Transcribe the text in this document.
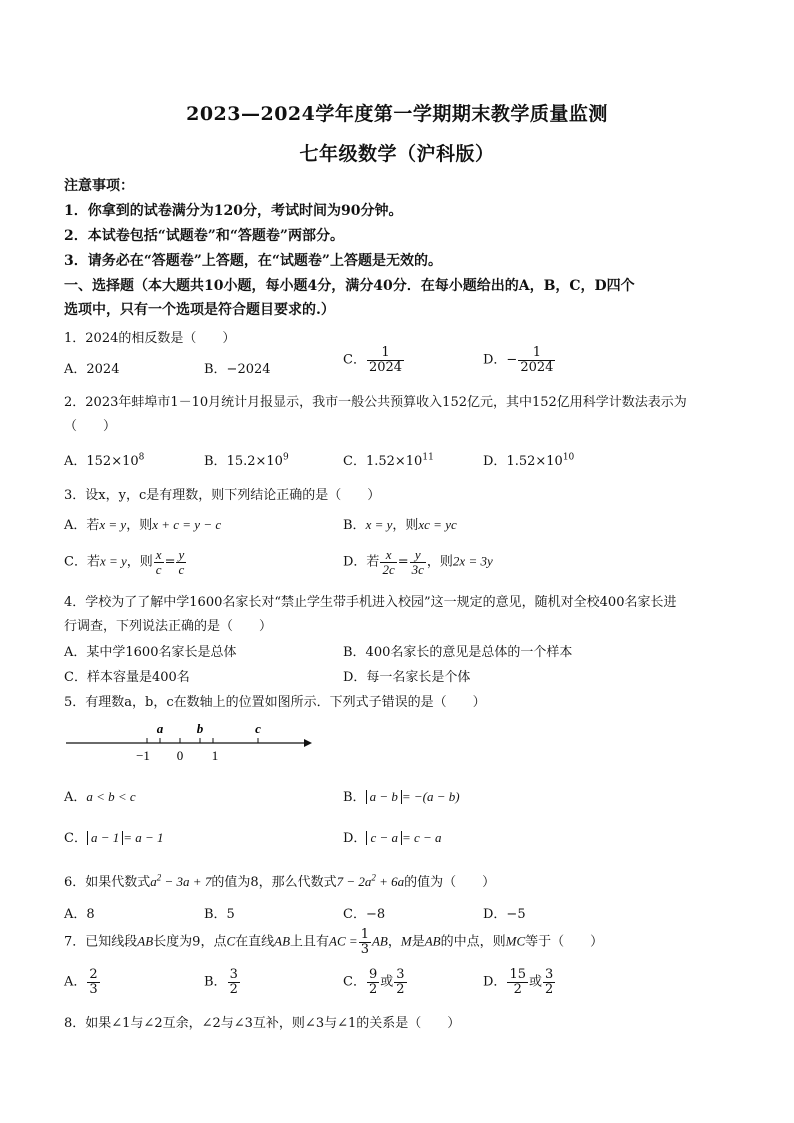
2023—2024学年度第一学期期末教学质量监测
七年级数学（沪科版）
注意事项：
1．你拿到的试卷满分为120分，考试时间为90分钟。
2．本试卷包括“试题卷”和“答题卷”两部分。
3．请务必在“答题卷”上答题，在“试题卷”上答题是无效的。
一、选择题（本大题共10小题，每小题4分，满分40分．在每小题给出的A，B，C，D四个
选项中，只有一个选项是符合题目要求的.）
1．2024的相反数是（　　）
A．2024	B．−2024
C． $\frac{1}{2024}$	D．− $\frac{1}{2024}$
2．2023年蚌埠市1－10月统计月报显示，我市一般公共预算收入152亿元，其中152亿用科学计数法表示为
（　　）
A．$152\times 10^8$	B．$15.2\times 10^9$	C．$1.52\times 10^{11}$	D．$1.52\times 10^{10}$
3．设x，y，c是有理数，则下列结论正确的是（　　）
A．若x = y，则x + c = y − c	B．x = y，则xc = yc
C．若x = y，则 $\frac{x}{c} = \frac{y}{c}$	D．若 $\frac{x}{2c} = \frac{y}{3c}$ ，则2x = 3y
4．学校为了了解中学1600名家长对“禁止学生带手机进入校园”这一规定的意见，随机对全校400名家长进
行调查，下列说法正确的是（　　）
A．某中学1600名家长是总体	B．400名家长的意见是总体的一个样本
C．样本容量是400名	D．每一名家长是个体
5．有理数a，b，c在数轴上的位置如图所示．下列式子错误的是（　　）
a	b	c
−1 0 1
A．a < b < c	B． a − b = −(a − b)
C． a − 1 = a − 1	D． c − a = c − a
6．如果代数式$a^2 - 3a + 7$的值为8，那么代数式$7 - 2a^2 + 6a$的值为（　　）
A．8	B．5	C．−8	D．−5
7．已知线段AB长度为9，点C在直线AB上且有AC = $\frac{1}{3}$ AB，M是AB的中点，则MC等于（　　）
A． $\frac{2}{3}$	B． $\frac{3}{2}$	C． $\frac{9}{2}$ 或 $\frac{3}{2}$	D． $\frac{15}{2}$ 或 $\frac{3}{2}$
8．如果∠1与∠2互余，∠2与∠3互补，则∠3与∠1的关系是（　　）
